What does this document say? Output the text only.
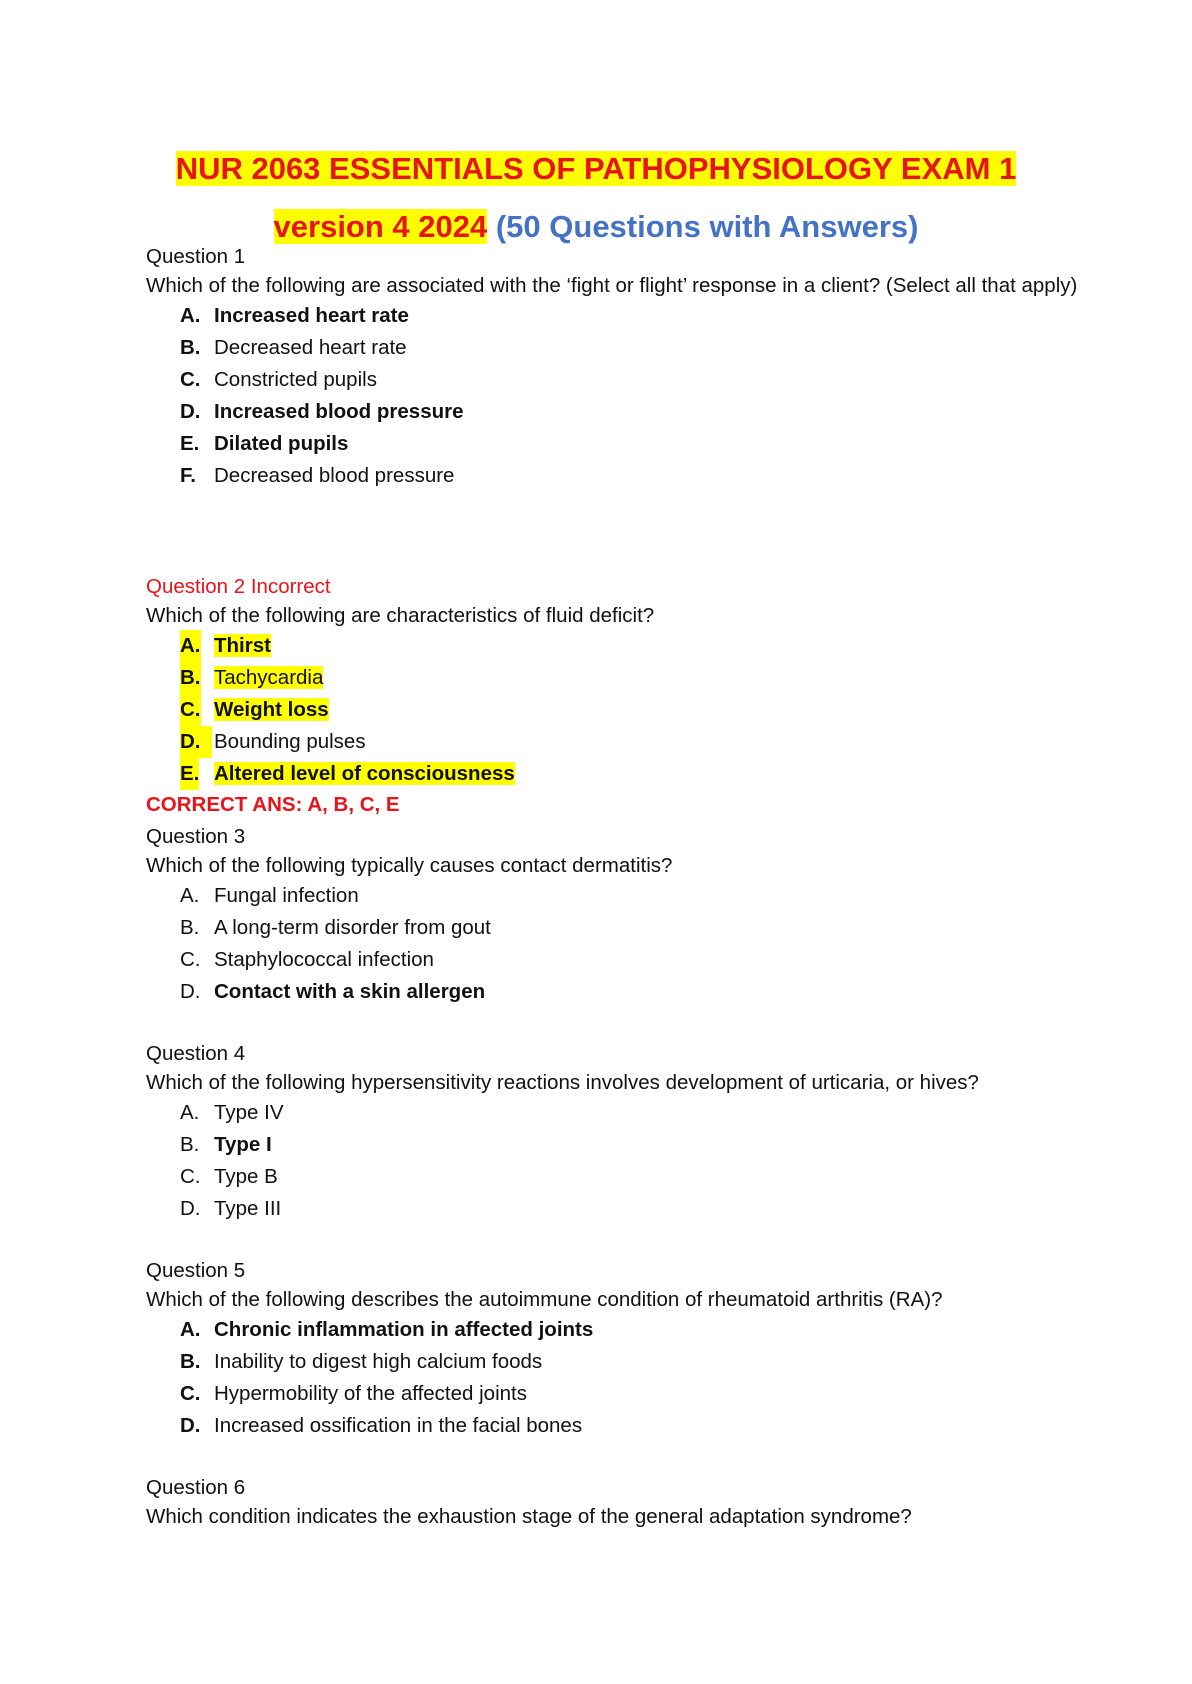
NUR 2063 ESSENTIALS OF PATHOPHYSIOLOGY EXAM 1
version 4 2024 (50 Questions with Answers)
Question 1
Which of the following are associated with the ‘fight or flight’ response in a client? (Select all that apply)
A. Increased heart rate
B. Decreased heart rate
C. Constricted pupils
D. Increased blood pressure
E. Dilated pupils
F. Decreased blood pressure
Question 2 Incorrect
Which of the following are characteristics of fluid deficit?
A. Thirst
B. Tachycardia
C. Weight loss
D. Bounding pulses
E. Altered level of consciousness
CORRECT ANS: A, B, C, E
Question 3
Which of the following typically causes contact dermatitis?
A. Fungal infection
B. A long-term disorder from gout
C. Staphylococcal infection
D. Contact with a skin allergen
Question 4
Which of the following hypersensitivity reactions involves development of urticaria, or hives?
A. Type IV
B. Type I
C. Type B
D. Type III
Question 5
Which of the following describes the autoimmune condition of rheumatoid arthritis (RA)?
A. Chronic inflammation in affected joints
B. Inability to digest high calcium foods
C. Hypermobility of the affected joints
D. Increased ossification in the facial bones
Question 6
Which condition indicates the exhaustion stage of the general adaptation syndrome?
